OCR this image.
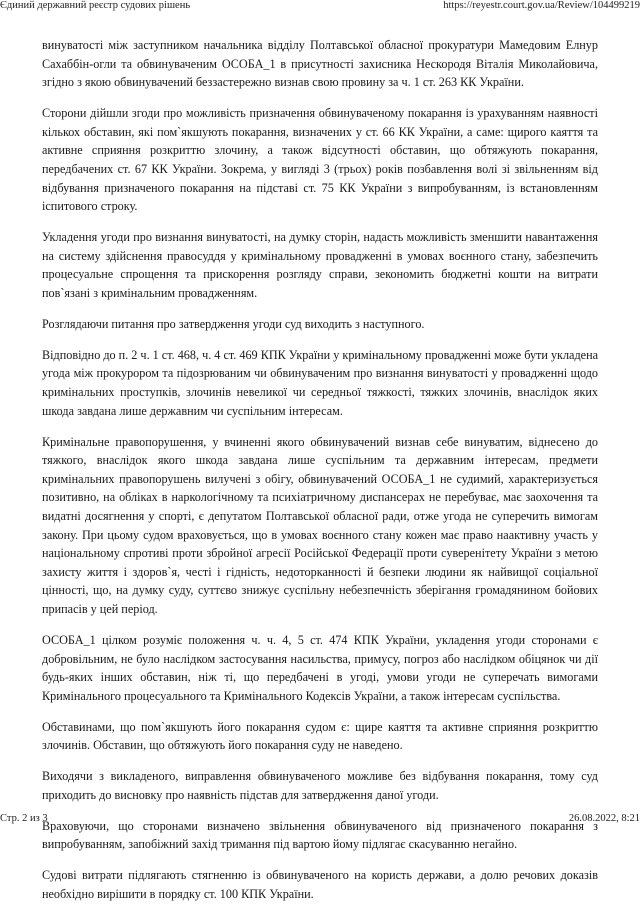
Єдиний державний реєстр судових рішень	https://reyestr.court.gov.ua/Review/104499219

винуватості між заступником начальника відділу Полтавської обласної прокуратури Мамедовим Елнур Сахаббін-огли та обвинуваченим ОСОБА_1 в присутності захисника Нескородя Віталія Миколайовича, згідно з якою обвинувачений беззастережно визнав свою провину за ч. 1 ст. 263 КК України.

Сторони дійшли згоди про можливість призначення обвинуваченому покарання із урахуванням наявності кількох обставин, які пом`якшують покарання, визначених у ст. 66 КК України, а саме: щирого каяття та активне сприяння розкриттю злочину, а також відсутності обставин, що обтяжують покарання, передбачених ст. 67 КК України. Зокрема, у вигляді 3 (трьох) років позбавлення волі зі звільненням від відбування призначеного покарання на підставі ст. 75 КК України з випробуванням, із встановленням іспитового строку.

Укладення угоди про визнання винуватості, на думку сторін, надасть можливість зменшити навантаження на систему здійснення правосуддя у кримінальному провадженні в умовах воєнного стану, забезпечить процесуальне спрощення та прискорення розгляду справи, зекономить бюджетні кошти на витрати пов`язані з кримінальним провадженням.

Розглядаючи питання про затвердження угоди суд виходить з наступного.

Відповідно до п. 2 ч. 1 ст. 468, ч. 4 ст. 469 КПК України у кримінальному провадженні може бути укладена угода між прокурором та підозрюваним чи обвинуваченим про визнання винуватості у провадженні щодо кримінальних проступків, злочинів невеликої чи середньої тяжкості, тяжких злочинів, внаслідок яких шкода завдана лише державним чи суспільним інтересам.

Кримінальне правопорушення, у вчиненні якого обвинувачений визнав себе винуватим, віднесено до тяжкого, внаслідок якого шкода завдана лише суспільним та державним інтересам, предмети кримінальних правопорушень вилучені з обігу, обвинувачений ОСОБА_1 не судимий, характеризується позитивно, на обліках в наркологічному та психіатричному диспансерах не перебуває, має заохочення та видатні досягнення у спорті, є депутатом Полтавської обласної ради, отже угода не суперечить вимогам закону. При цьому судом враховується, що в умовах воєнного стану кожен має право наактивну участь у національному спротиві проти збройної агресії Російської Федерації проти суверенітету України з метою захисту життя і здоров`я, честі і гідність, недоторканності й безпеки людини як найвищої соціальної цінності, що, на думку суду, суттєво знижує суспільну небезпечність зберігання громадянином бойових припасів у цей період.

ОСОБА_1 цілком розуміє положення ч. ч. 4, 5 ст. 474 КПК України, укладення угоди сторонами є добровільним, не було наслідком застосування насильства, примусу, погроз або наслідком обіцянок чи дії будь-яких інших обставин, ніж ті, що передбачені в угоді, умови угоди не суперечать вимогами Кримінального процесуального та Кримінального Кодексів України, а також інтересам суспільства.

Обставинами, що пом`якшують його покарання судом є: щире каяття та активне сприяння розкриттю злочинів. Обставин, що обтяжують його покарання суду не наведено.

Виходячи з викладеного, виправлення обвинуваченого можливе без відбування покарання, тому суд приходить до висновку про наявність підстав для затвердження даної угоди.

Враховуючи, що сторонами визначено звільнення обвинуваченого від призначеного покарання з випробуванням, запобіжний захід тримання під вартою йому підлягає скасуванню негайно.

Судові витрати підлягають стягненню із обвинуваченого на користь держави, а долю речових доказів необхідно вирішити в порядку ст. 100 КПК України.

Стр. 2 из 3	26.08.2022, 8:21
